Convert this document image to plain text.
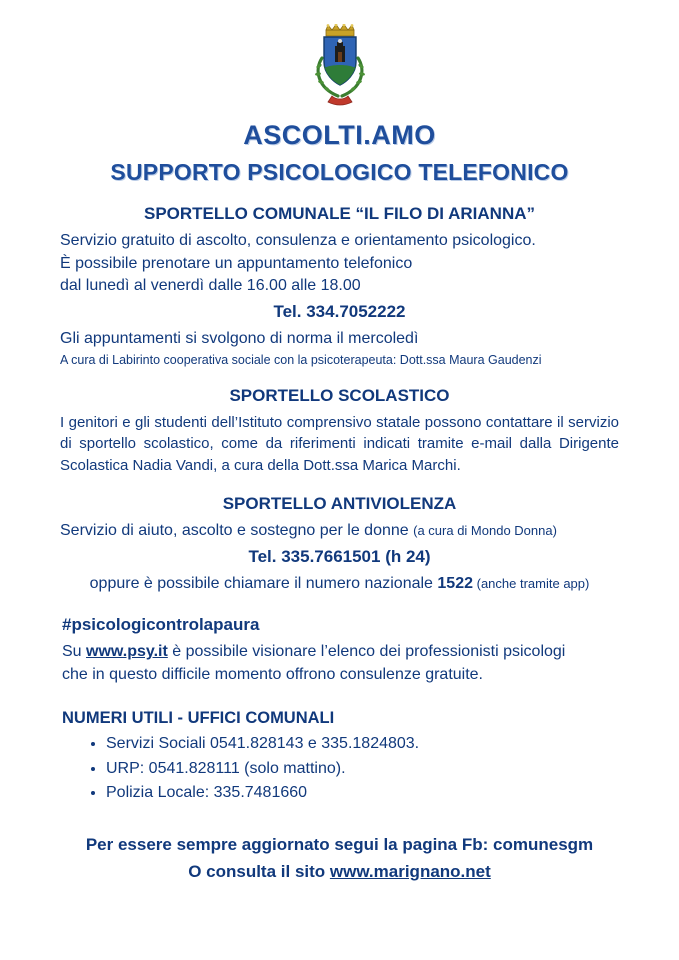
ASCOLTI.AMO
SUPPORTO PSICOLOGICO TELEFONICO
SPORTELLO COMUNALE “IL FILO DI ARIANNA”
Servizio gratuito di ascolto, consulenza e orientamento psicologico.
È possibile prenotare un appuntamento telefonico
dal lunedì al venerdì dalle 16.00 alle 18.00
Tel. 334.7052222
Gli appuntamenti si svolgono di norma il mercoledì
A cura di Labirinto cooperativa sociale con la psicoterapeuta: Dott.ssa Maura Gaudenzi
SPORTELLO SCOLASTICO
I genitori e gli studenti dell’Istituto comprensivo statale possono contattare il servizio di sportello scolastico, come da riferimenti indicati tramite e-mail dalla Dirigente Scolastica Nadia Vandi, a cura della Dott.ssa Marica Marchi.
SPORTELLO ANTIVIOLENZA
Servizio di aiuto, ascolto e sostegno per le donne (a cura di Mondo Donna)
Tel. 335.7661501 (h 24)
oppure è possibile chiamare il numero nazionale 1522 (anche tramite app)
#psicologicontrolapaura
Su www.psy.it è possibile visionare l’elenco dei professionisti psicologi
che in questo difficile momento offrono consulenze gratuite.
NUMERI UTILI - UFFICI COMUNALI
• Servizi Sociali 0541.828143 e 335.1824803.
• URP: 0541.828111 (solo mattino).
• Polizia Locale: 335.7481660
Per essere sempre aggiornato segui la pagina Fb: comunesgm
O consulta il sito www.marignano.net
